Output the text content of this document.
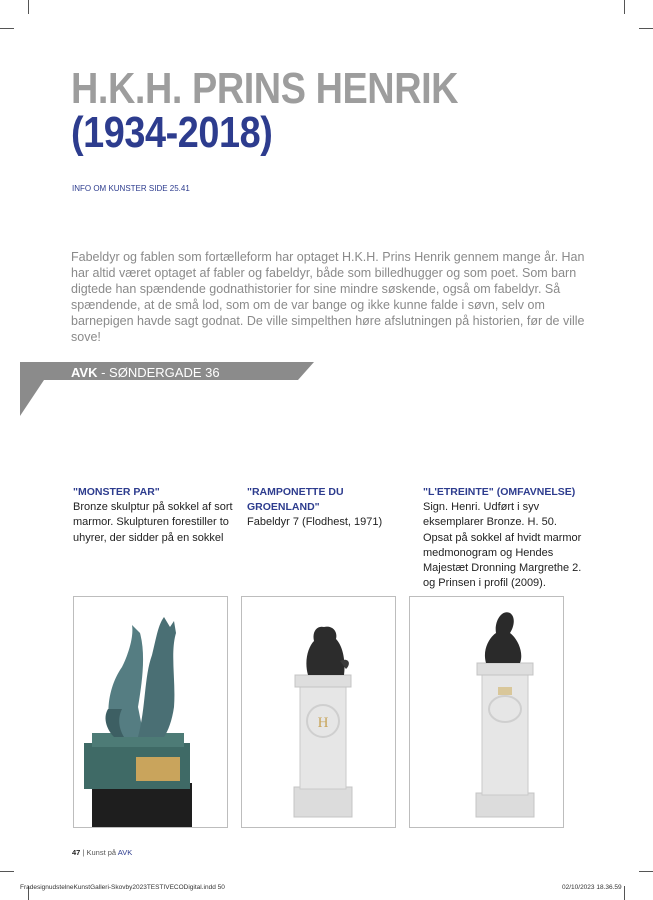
H.K.H. PRINS HENRIK
(1934-2018)
INFO OM KUNSTER SIDE 25.41

Fabeldyr og fablen som fortælleform har optaget H.K.H. Prins Henrik gennem mange år. Han har altid været optaget af fabler og fabeldyr, både som billedhugger og som poet. Som barn digtede han spændende godnathistorier for sine mindre søskende, også om fabeldyr. Så spændende, at de små lod, som om de var bange og ikke kunne falde i søvn, selv om barnepigen havde sagt godnat. De ville simpelthen høre afslutningen på historien, før de ville sove!

AVK - SØNDERGADE 36
"MONSTER PAR"
Bronze skulptur på sokkel af sort marmor. Skulpturen forestiller to uhyrer, der sidder på en sokkel
"RAMPONETTE DU GROENLAND"
Fabeldyr 7 (Flodhest, 1971)
"L'ETREINTE" (OMFAVNELSE)
Sign. Henri. Udført i syv eksemplarer Bronze. H. 50. Opsat på sokkel af hvidt marmor medmonogram og Hendes Majestæt Dronning Margrethe 2. og Prinsen i profil (2009).
H
47 | Kunst på AVK
FradesignudstelneKunstGalleri-Skovby2023TESTIVECODigital.indd 50	02/10/2023 18.36.59
